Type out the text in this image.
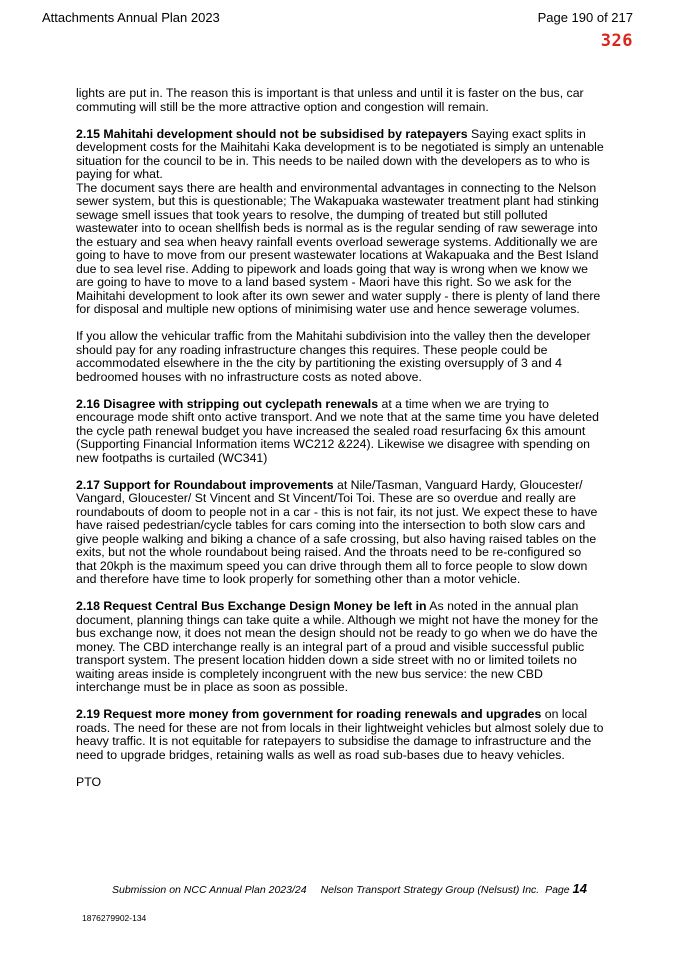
Attachments Annual Plan 2023	Page 190 of 217
326

lights are put in. The reason this is important is that unless and until it is faster on the bus, car commuting will still be the more attractive option and congestion will remain.

2.15 Mahitahi development should not be subsidised by ratepayers Saying exact splits in development costs for the Maihitahi Kaka development is to be negotiated is simply an untenable situation for the council to be in. This needs to be nailed down with the developers as to who is paying for what.
The document says there are health and environmental advantages in connecting to the Nelson sewer system, but this is questionable; The Wakapuaka wastewater treatment plant had stinking sewage smell issues that took years to resolve, the dumping of treated but still polluted wastewater into to ocean shellfish beds is normal as is the regular sending of raw sewerage into the estuary and sea when heavy rainfall events overload sewerage systems. Additionally we are going to have to move from our present wastewater locations at Wakapuaka and the Best Island due to sea level rise. Adding to pipework and loads going that way is wrong when we know we are going to have to move to a land based system - Maori have this right. So we ask for the Maihitahi development to look after its own sewer and water supply - there is plenty of land there for disposal and multiple new options of minimising water use and hence sewerage volumes.

If you allow the vehicular traffic from the Mahitahi subdivision into the valley then the developer should pay for any roading infrastructure changes this requires. These people could be accommodated elsewhere in the the city by partitioning the existing oversupply of 3 and 4 bedroomed houses with no infrastructure costs as noted above.

2.16 Disagree with stripping out cyclepath renewals at a time when we are trying to encourage mode shift onto active transport. And we note that at the same time you have deleted the cycle path renewal budget you have increased the sealed road resurfacing 6x this amount (Supporting Financial Information items WC212 &224). Likewise we disagree with spending on new footpaths is curtailed (WC341)

2.17 Support for Roundabout improvements at Nile/Tasman, Vanguard Hardy, Gloucester/ Vangard, Gloucester/ St Vincent and St Vincent/Toi Toi. These are so overdue and really are roundabouts of doom to people not in a car - this is not fair, its not just. We expect these to have have raised pedestrian/cycle tables for cars coming into the intersection to both slow cars and give people walking and biking a chance of a safe crossing, but also having raised tables on the exits, but not the whole roundabout being raised. And the throats need to be re-configured so that 20kph is the maximum speed you can drive through them all to force people to slow down and therefore have time to look properly for something other than a motor vehicle.

2.18 Request Central Bus Exchange Design Money be left in As noted in the annual plan document, planning things can take quite a while. Although we might not have the money for the bus exchange now, it does not mean the design should not be ready to go when we do have the money. The CBD interchange really is an integral part of a proud and visible successful public transport system. The present location hidden down a side street with no or limited toilets no waiting areas inside is completely incongruent with the new bus service: the new CBD interchange must be in place as soon as possible.

2.19 Request more money from government for roading renewals and upgrades on local roads. The need for these are not from locals in their lightweight vehicles but almost solely due to heavy traffic. It is not equitable for ratepayers to subsidise the damage to infrastructure and the need to upgrade bridges, retaining walls as well as road sub-bases due to heavy vehicles.

PTO

Submission on NCC Annual Plan 2023/24 Nelson Transport Strategy Group (Nelsust) Inc. Page 14
1876279902-134
